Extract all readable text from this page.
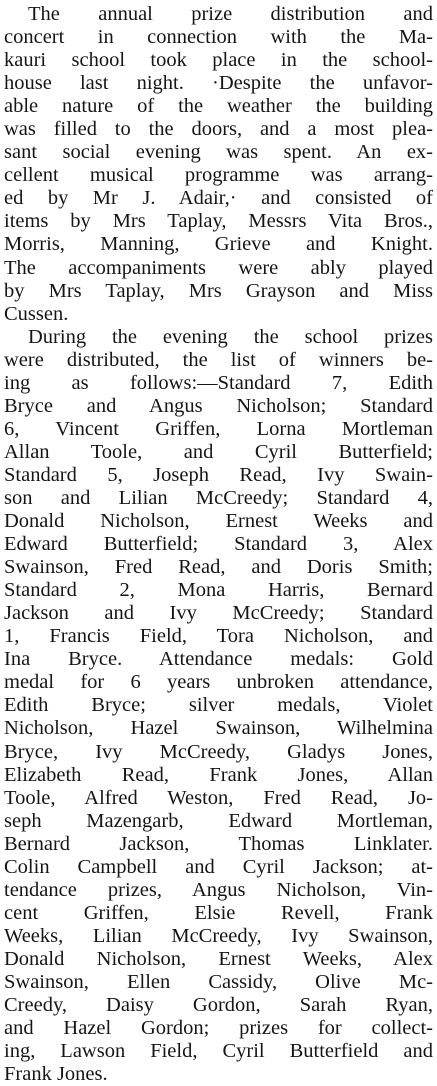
The annual prize distribution and
concert in connection with the Ma-
kauri school took place in the school-
house last night. ·Despite the unfavor-
able nature of the weather the building
was filled to the doors, and a most plea-
sant social evening was spent. An ex-
cellent musical programme was arrang-
ed by Mr J. Adair,· and consisted of
items by Mrs Taplay, Messrs Vita Bros.,
Morris, Manning, Grieve and Knight.
The accompaniments were ably played
by Mrs Taplay, Mrs Grayson and Miss
Cussen.
During the evening the school prizes
were distributed, the list of winners be-
ing as follows:—Standard 7, Edith
Bryce and Angus Nicholson; Standard
6, Vincent Griffen, Lorna Mortleman
Allan Toole, and Cyril Butterfield;
Standard 5, Joseph Read, Ivy Swain-
son and Lilian McCreedy; Standard 4,
Donald Nicholson, Ernest Weeks and
Edward Butterfield; Standard 3, Alex
Swainson, Fred Read, and Doris Smith;
Standard 2, Mona Harris, Bernard
Jackson and Ivy McCreedy; Standard
1, Francis Field, Tora Nicholson, and
Ina Bryce. Attendance medals: Gold
medal for 6 years unbroken attendance,
Edith Bryce; silver medals, Violet
Nicholson, Hazel Swainson, Wilhelmina
Bryce, Ivy McCreedy, Gladys Jones,
Elizabeth Read, Frank Jones, Allan
Toole, Alfred Weston, Fred Read, Jo-
seph Mazengarb, Edward Mortleman,
Bernard Jackson, Thomas Linklater.
Colin Campbell and Cyril Jackson; at-
tendance prizes, Angus Nicholson, Vin-
cent Griffen, Elsie Revell, Frank
Weeks, Lilian McCreedy, Ivy Swainson,
Donald Nicholson, Ernest Weeks, Alex
Swainson, Ellen Cassidy, Olive Mc-
Creedy, Daisy Gordon, Sarah Ryan,
and Hazel Gordon; prizes for collect-
ing, Lawson Field, Cyril Butterfield and
Frank Jones.
